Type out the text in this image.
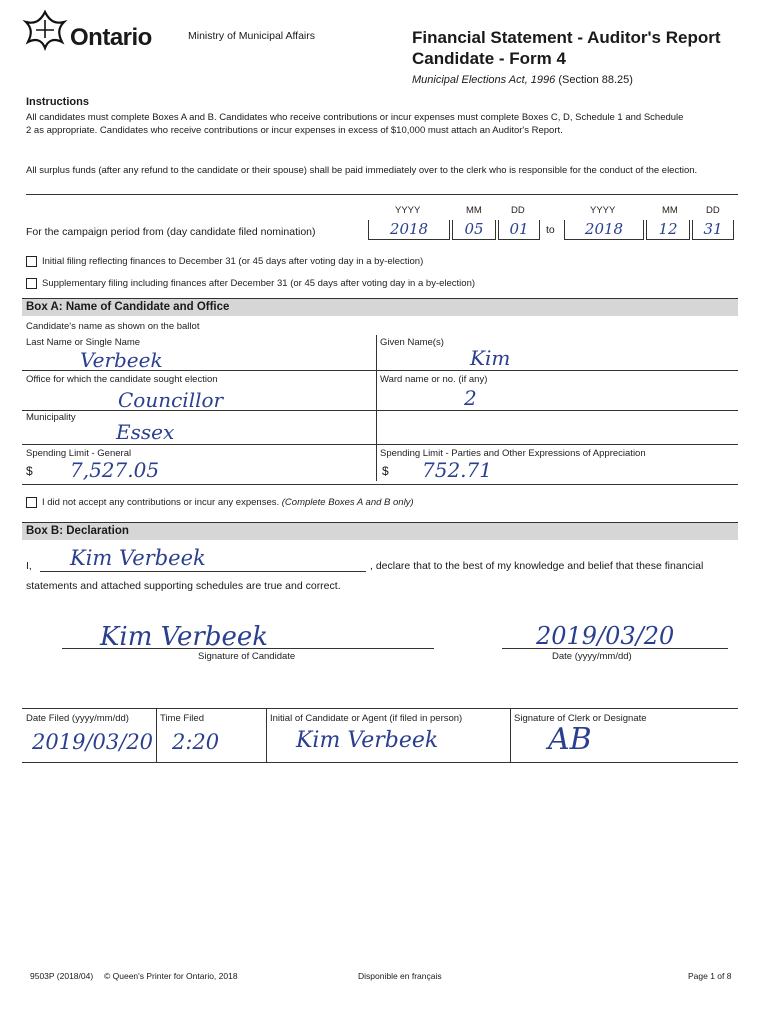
Ontario	Ministry of Municipal Affairs	Financial Statement - Auditor's Report
Candidate - Form 4
Municipal Elections Act, 1996 (Section 88.25)
Instructions
All candidates must complete Boxes A and B. Candidates who receive contributions or incur expenses must complete Boxes C, D, Schedule 1 and Schedule 2 as appropriate. Candidates who receive contributions or incur expenses in excess of $10,000 must attach an Auditor's Report.
All surplus funds (after any refund to the candidate or their spouse) shall be paid immediately over to the clerk who is responsible for the conduct of the election.
YYYY	MM	DD	YYYY	MM	DD
For the campaign period from (day candidate filed nomination)	2018	05	01	to	2018	12	31
Initial filing reflecting finances to December 31 (or 45 days after voting day in a by-election)
Supplementary filing including finances after December 31 (or 45 days after voting day in a by-election)
Box A: Name of Candidate and Office
Candidate's name as shown on the ballot
Last Name or Single Name	Given Name(s)
Verbeek	Kim
Office for which the candidate sought election	Ward name or no. (if any)
Councillor	2
Municipality
Essex
Spending Limit - General	Spending Limit - Parties and Other Expressions of Appreciation
$ 7,527.05	$ 752.71
I did not accept any contributions or incur any expenses. (Complete Boxes A and B only)
Box B: Declaration
I, Kim Verbeek	, declare that to the best of my knowledge and belief that these financial
statements and attached supporting schedules are true and correct.
Kim Verbeek
Signature of Candidate
2019/03/20
Date (yyyy/mm/dd)
Date Filed (yyyy/mm/dd)	Time Filed	Initial of Candidate or Agent (if filed in person)	Signature of Clerk or Designate
2019/03/20 2:20	Kim Verbeek	AB
9503P (2018/04) © Queen's Printer for Ontario, 2018	Disponible en français	Page 1 of 8
